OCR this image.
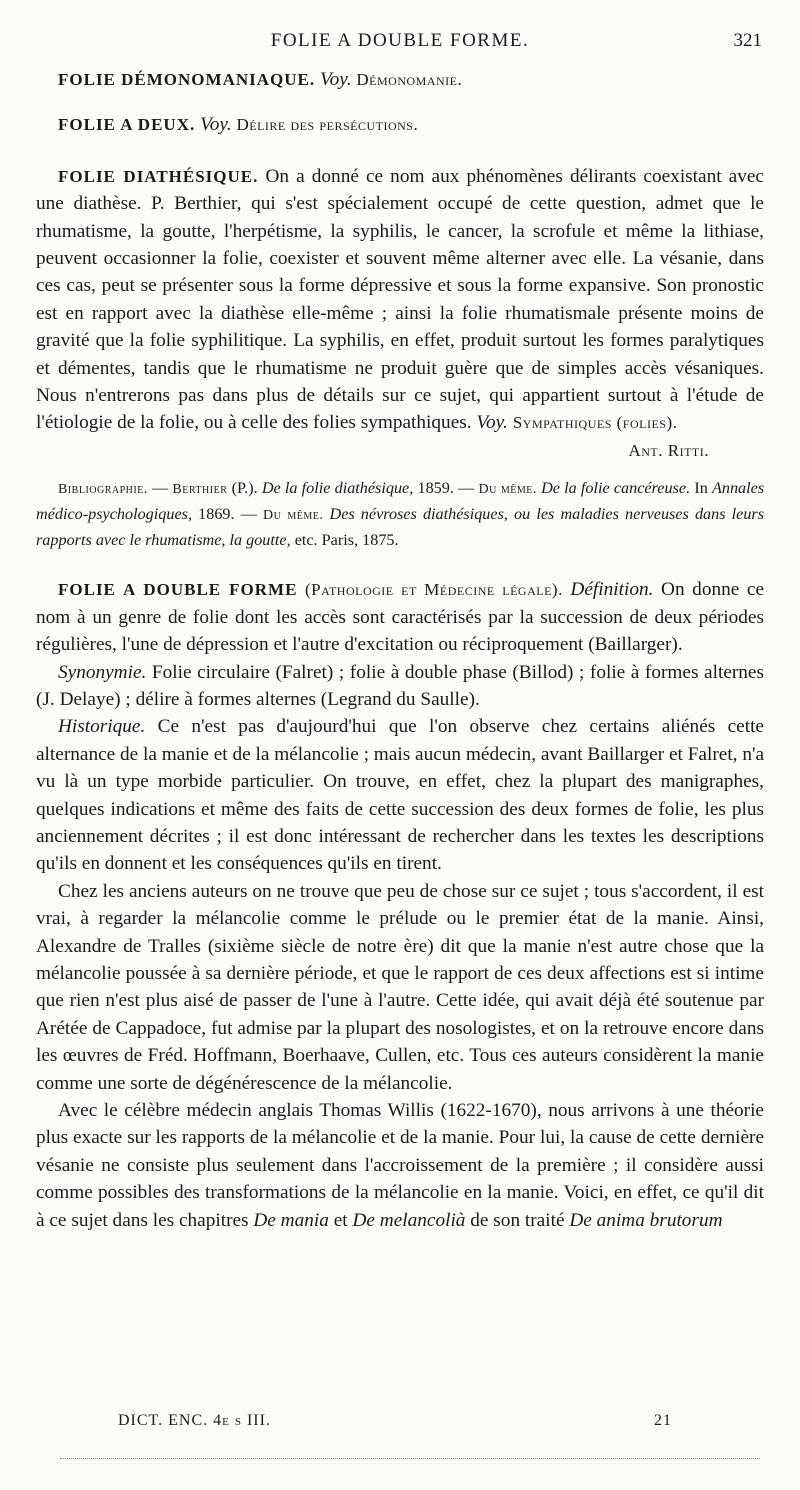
FOLIE A DOUBLE FORME.	321

FOLIE DÉMONOMANIAQUE. Voy. Démonomanie.

FOLIE A DEUX. Voy. Délire des persécutions.

FOLIE DIATHÉSIQUE. On a donné ce nom aux phénomènes délirants coexistant avec une diathèse. P. Berthier, qui s'est spécialement occupé de cette question, admet que le rhumatisme, la goutte, l'herpétisme, la syphilis, le cancer, la scrofule et même la lithiase, peuvent occasionner la folie, coexister et souvent même alterner avec elle. La vésanie, dans ces cas, peut se présenter sous la forme dépressive et sous la forme expansive. Son pronostic est en rapport avec la diathèse elle-même ; ainsi la folie rhumatismale présente moins de gravité que la folie syphilitique. La syphilis, en effet, produit surtout les formes paralytiques et démentes, tandis que le rhumatisme ne produit guère que de simples accès vésaniques. Nous n'entrerons pas dans plus de détails sur ce sujet, qui appartient surtout à l'étude de l'étiologie de la folie, ou à celle des folies sympathiques. Voy. Sympathiques (folies).

Ant. Ritti.

Bibliographie. — Berthier (P.). De la folie diathésique, 1859. — Du même. De la folie cancéreuse. In Annales médico-psychologiques, 1869. — Du même. Des névroses diathésiques, ou les maladies nerveuses dans leurs rapports avec le rhumatisme, la goutte, etc. Paris, 1875.

FOLIE A DOUBLE FORME (Pathologie et Médecine légale). Définition. On donne ce nom à un genre de folie dont les accès sont caractérisés par la succession de deux périodes régulières, l'une de dépression et l'autre d'excitation ou réciproquement (Baillarger).

Synonymie. Folie circulaire (Falret) ; folie à double phase (Billod) ; folie à formes alternes (J. Delaye) ; délire à formes alternes (Legrand du Saulle).

Historique. Ce n'est pas d'aujourd'hui que l'on observe chez certains aliénés cette alternance de la manie et de la mélancolie ; mais aucun médecin, avant Baillarger et Falret, n'a vu là un type morbide particulier. On trouve, en effet, chez la plupart des manigraphes, quelques indications et même des faits de cette succession des deux formes de folie, les plus anciennement décrites ; il est donc intéressant de rechercher dans les textes les descriptions qu'ils en donnent et les conséquences qu'ils en tirent.

Chez les anciens auteurs on ne trouve que peu de chose sur ce sujet ; tous s'accordent, il est vrai, à regarder la mélancolie comme le prélude ou le premier état de la manie. Ainsi, Alexandre de Tralles (sixième siècle de notre ère) dit que la manie n'est autre chose que la mélancolie poussée à sa dernière période, et que le rapport de ces deux affections est si intime que rien n'est plus aisé de passer de l'une à l'autre. Cette idée, qui avait déjà été soutenue par Arétée de Cappadoce, fut admise par la plupart des nosologistes, et on la retrouve encore dans les œuvres de Fréd. Hoffmann, Boerhaave, Cullen, etc. Tous ces auteurs considèrent la manie comme une sorte de dégénérescence de la mélancolie.

Avec le célèbre médecin anglais Thomas Willis (1622-1670), nous arrivons à une théorie plus exacte sur les rapports de la mélancolie et de la manie. Pour lui, la cause de cette dernière vésanie ne consiste plus seulement dans l'accroissement de la première ; il considère aussi comme possibles des transformations de la mélancolie en la manie. Voici, en effet, ce qu'il dit à ce sujet dans les chapitres De mania et De melancolià de son traité De anima brutorum

DICT. ENC. 4e s III.	21
